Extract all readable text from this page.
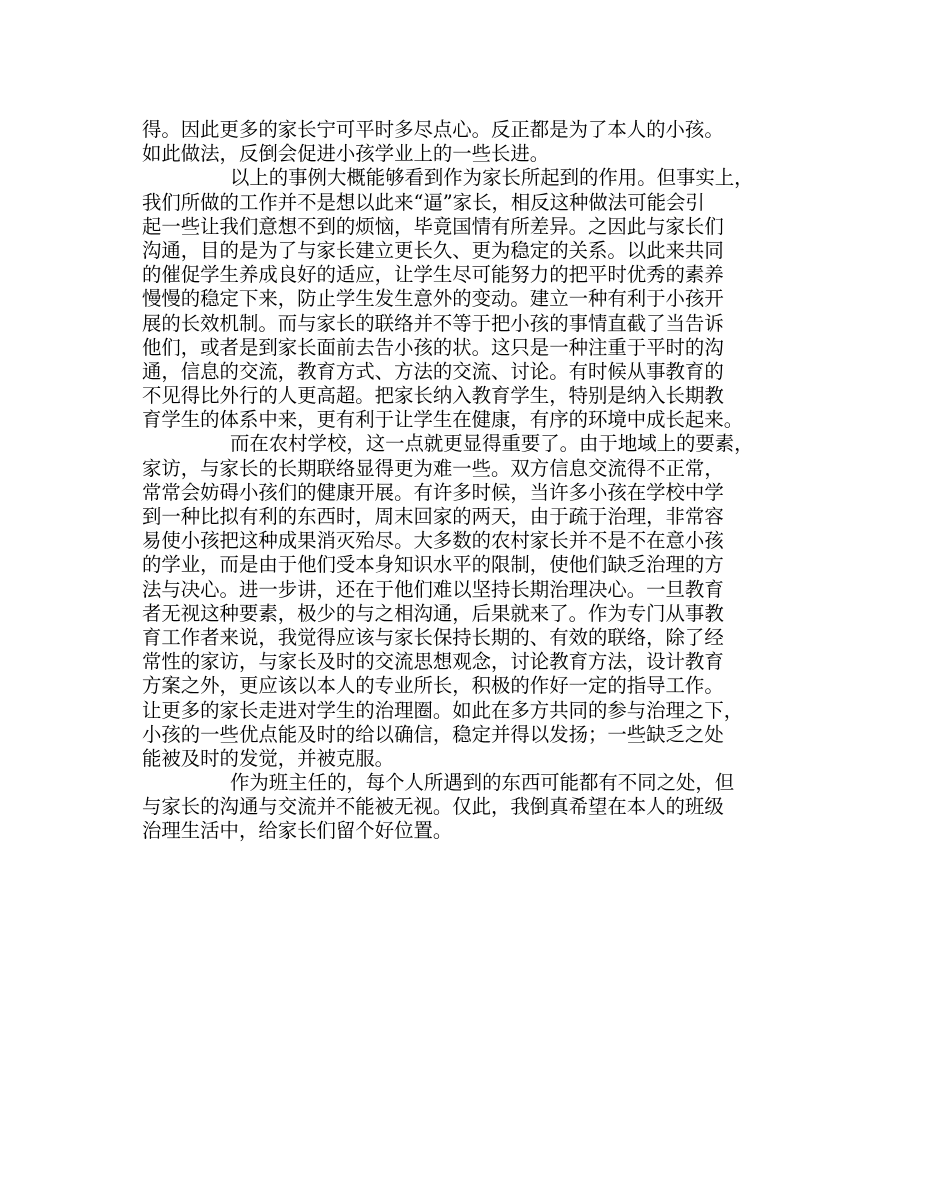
得。因此更多的家长宁可平时多尽点心。反正都是为了本人的小孩。
如此做法，反倒会促进小孩学业上的一些长进。
以上的事例大概能够看到作为家长所起到的作用。但事实上，
我们所做的工作并不是想以此来“逼”家长，相反这种做法可能会引
起一些让我们意想不到的烦恼，毕竟国情有所差异。之因此与家长们
沟通，目的是为了与家长建立更长久、更为稳定的关系。以此来共同
的催促学生养成良好的适应，让学生尽可能努力的把平时优秀的素养
慢慢的稳定下来，防止学生发生意外的变动。建立一种有利于小孩开
展的长效机制。而与家长的联络并不等于把小孩的事情直截了当告诉
他们，或者是到家长面前去告小孩的状。这只是一种注重于平时的沟
通，信息的交流，教育方式、方法的交流、讨论。有时候从事教育的
不见得比外行的人更高超。把家长纳入教育学生，特别是纳入长期教
育学生的体系中来，更有利于让学生在健康，有序的环境中成长起来。
而在农村学校，这一点就更显得重要了。由于地域上的要素，
家访，与家长的长期联络显得更为难一些。双方信息交流得不正常，
常常会妨碍小孩们的健康开展。有许多时候，当许多小孩在学校中学
到一种比拟有利的东西时，周末回家的两天，由于疏于治理，非常容
易使小孩把这种成果消灭殆尽。大多数的农村家长并不是不在意小孩
的学业，而是由于他们受本身知识水平的限制，使他们缺乏治理的方
法与决心。进一步讲，还在于他们难以坚持长期治理决心。一旦教育
者无视这种要素，极少的与之相沟通，后果就来了。作为专门从事教
育工作者来说，我觉得应该与家长保持长期的、有效的联络，除了经
常性的家访，与家长及时的交流思想观念，讨论教育方法，设计教育
方案之外，更应该以本人的专业所长，积极的作好一定的指导工作。
让更多的家长走进对学生的治理圈。如此在多方共同的参与治理之下，
小孩的一些优点能及时的给以确信，稳定并得以发扬；一些缺乏之处
能被及时的发觉，并被克服。
作为班主任的，每个人所遇到的东西可能都有不同之处，但
与家长的沟通与交流并不能被无视。仅此，我倒真希望在本人的班级
治理生活中，给家长们留个好位置。
